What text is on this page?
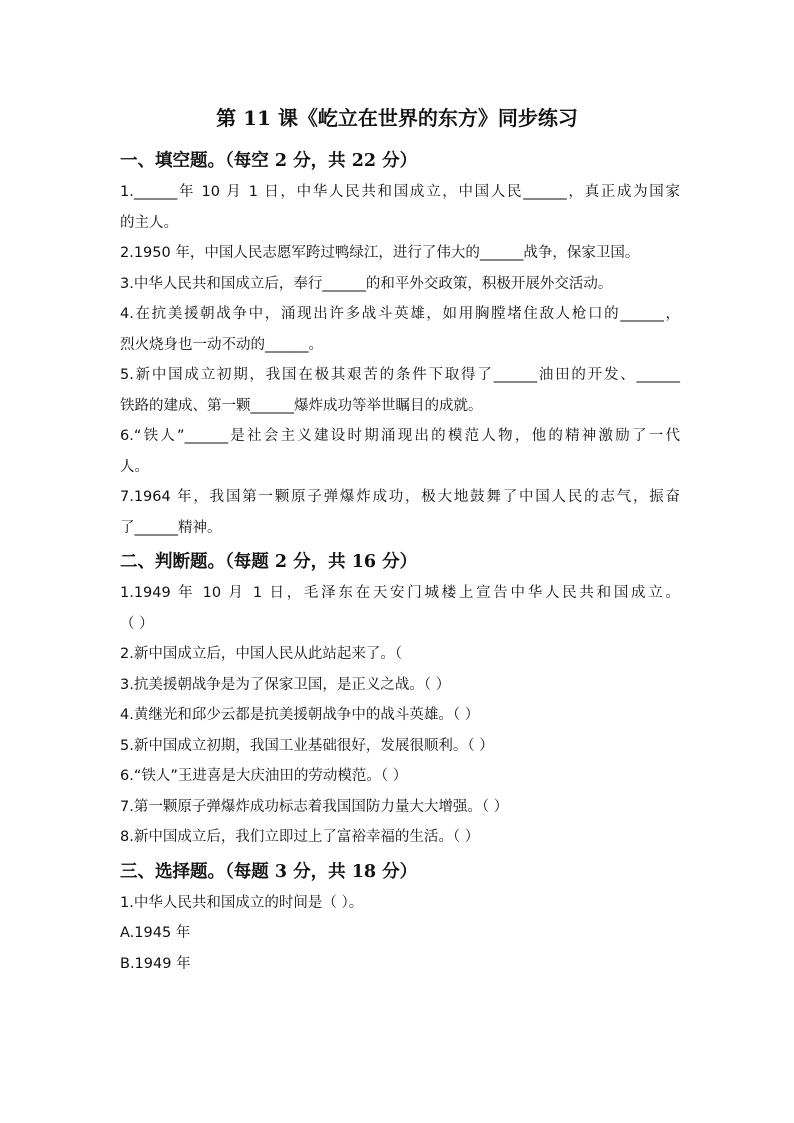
第 11 课《屹立在世界的东方》同步练习
一、填空题。（每空 2 分，共 22 分）
1.______年 10 月 1 日，中华人民共和国成立，中国人民______，真正成为国家
的主人。
2.1950 年，中国人民志愿军跨过鸭绿江，进行了伟大的______战争，保家卫国。
3.中华人民共和国成立后，奉行______的和平外交政策，积极开展外交活动。
4.在抗美援朝战争中，涌现出许多战斗英雄，如用胸膛堵住敌人枪口的______，
烈火烧身也一动不动的______。
5.新中国成立初期，我国在极其艰苦的条件下取得了______油田的开发、______
铁路的建成、第一颗______爆炸成功等举世瞩目的成就。
6.“铁人”______是社会主义建设时期涌现出的模范人物，他的精神激励了一代
人。
7.1964 年，我国第一颗原子弹爆炸成功，极大地鼓舞了中国人民的志气，振奋
了______精神。
二、判断题。（每题 2 分，共 16 分）
1.1949 年 10 月 1 日，毛泽东在天安门城楼上宣告中华人民共和国成立。
（ ）
2.新中国成立后，中国人民从此站起来了。（
3.抗美援朝战争是为了保家卫国，是正义之战。（ ）
4.黄继光和邱少云都是抗美援朝战争中的战斗英雄。（ ）
5.新中国成立初期，我国工业基础很好，发展很顺利。（ ）
6.“铁人”王进喜是大庆油田的劳动模范。（ ）
7.第一颗原子弹爆炸成功标志着我国国防力量大大增强。（ ）
8.新中国成立后，我们立即过上了富裕幸福的生活。（ ）
三、选择题。（每题 3 分，共 18 分）
1.中华人民共和国成立的时间是（ ）。
A.1945 年
B.1949 年
